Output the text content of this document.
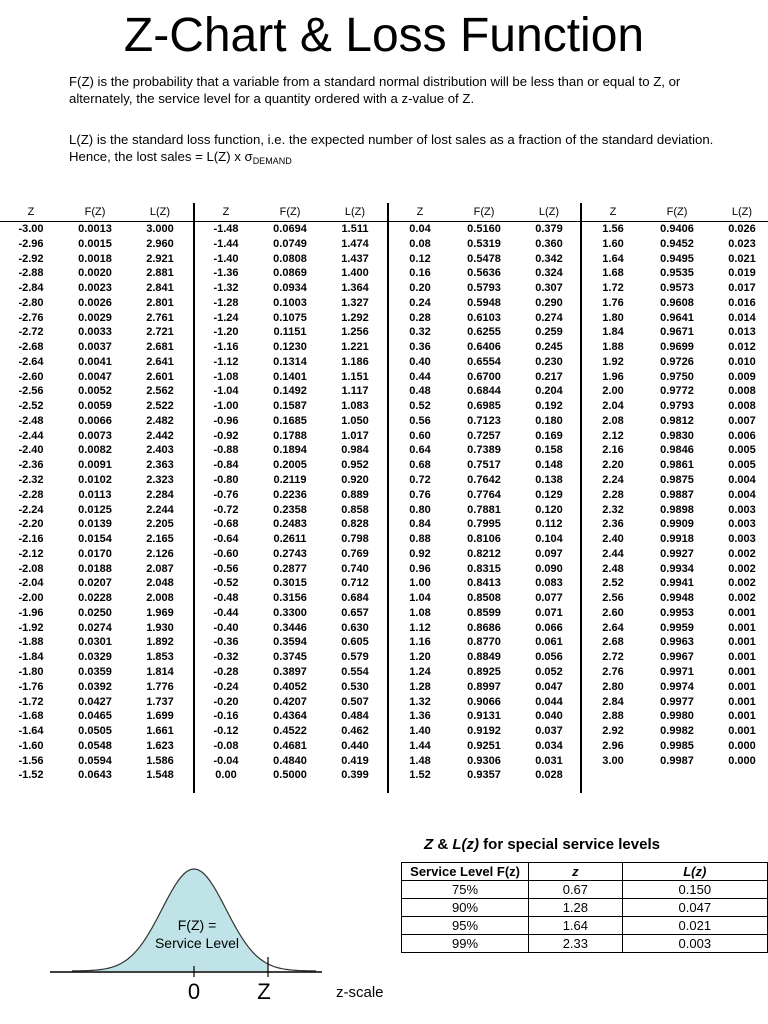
Z-Chart & Loss Function
F(Z) is the probability that a variable from a standard normal distribution will be less than or equal to Z, or alternately, the service level for a quantity ordered with a z-value of Z.
L(Z) is the standard loss function, i.e. the expected number of lost sales as a fraction of the standard deviation. Hence, the lost sales = L(Z) x $\sigma_{DEMAND}$
Z	F(Z)	L(Z)
-3.00	0.0013	3.000
-2.96	0.0015	2.960
-2.92	0.0018	2.921
-2.88	0.0020	2.881
-2.84	0.0023	2.841
-2.80	0.0026	2.801
-2.76	0.0029	2.761
-2.72	0.0033	2.721
-2.68	0.0037	2.681
-2.64	0.0041	2.641
-2.60	0.0047	2.601
-2.56	0.0052	2.562
-2.52	0.0059	2.522
-2.48	0.0066	2.482
-2.44	0.0073	2.442
-2.40	0.0082	2.403
-2.36	0.0091	2.363
-2.32	0.0102	2.323
-2.28	0.0113	2.284
-2.24	0.0125	2.244
-2.20	0.0139	2.205
-2.16	0.0154	2.165
-2.12	0.0170	2.126
-2.08	0.0188	2.087
-2.04	0.0207	2.048
-2.00	0.0228	2.008
-1.96	0.0250	1.969
-1.92	0.0274	1.930
-1.88	0.0301	1.892
-1.84	0.0329	1.853
-1.80	0.0359	1.814
-1.76	0.0392	1.776
-1.72	0.0427	1.737
-1.68	0.0465	1.699
-1.64	0.0505	1.661
-1.60	0.0548	1.623
-1.56	0.0594	1.586
-1.52	0.0643	1.548
Z	F(Z)	L(Z)
-1.48	0.0694	1.511
-1.44	0.0749	1.474
-1.40	0.0808	1.437
-1.36	0.0869	1.400
-1.32	0.0934	1.364
-1.28	0.1003	1.327
-1.24	0.1075	1.292
-1.20	0.1151	1.256
-1.16	0.1230	1.221
-1.12	0.1314	1.186
-1.08	0.1401	1.151
-1.04	0.1492	1.117
-1.00	0.1587	1.083
-0.96	0.1685	1.050
-0.92	0.1788	1.017
-0.88	0.1894	0.984
-0.84	0.2005	0.952
-0.80	0.2119	0.920
-0.76	0.2236	0.889
-0.72	0.2358	0.858
-0.68	0.2483	0.828
-0.64	0.2611	0.798
-0.60	0.2743	0.769
-0.56	0.2877	0.740
-0.52	0.3015	0.712
-0.48	0.3156	0.684
-0.44	0.3300	0.657
-0.40	0.3446	0.630
-0.36	0.3594	0.605
-0.32	0.3745	0.579
-0.28	0.3897	0.554
-0.24	0.4052	0.530
-0.20	0.4207	0.507
-0.16	0.4364	0.484
-0.12	0.4522	0.462
-0.08	0.4681	0.440
-0.04	0.4840	0.419
0.00	0.5000	0.399
Z	F(Z)	L(Z)
0.04	0.5160	0.379
0.08	0.5319	0.360
0.12	0.5478	0.342
0.16	0.5636	0.324
0.20	0.5793	0.307
0.24	0.5948	0.290
0.28	0.6103	0.274
0.32	0.6255	0.259
0.36	0.6406	0.245
0.40	0.6554	0.230
0.44	0.6700	0.217
0.48	0.6844	0.204
0.52	0.6985	0.192
0.56	0.7123	0.180
0.60	0.7257	0.169
0.64	0.7389	0.158
0.68	0.7517	0.148
0.72	0.7642	0.138
0.76	0.7764	0.129
0.80	0.7881	0.120
0.84	0.7995	0.112
0.88	0.8106	0.104
0.92	0.8212	0.097
0.96	0.8315	0.090
1.00	0.8413	0.083
1.04	0.8508	0.077
1.08	0.8599	0.071
1.12	0.8686	0.066
1.16	0.8770	0.061
1.20	0.8849	0.056
1.24	0.8925	0.052
1.28	0.8997	0.047
1.32	0.9066	0.044
1.36	0.9131	0.040
1.40	0.9192	0.037
1.44	0.9251	0.034
1.48	0.9306	0.031
1.52	0.9357	0.028
Z	F(Z)	L(Z)
1.56	0.9406	0.026
1.60	0.9452	0.023
1.64	0.9495	0.021
1.68	0.9535	0.019
1.72	0.9573	0.017
1.76	0.9608	0.016
1.80	0.9641	0.014
1.84	0.9671	0.013
1.88	0.9699	0.012
1.92	0.9726	0.010
1.96	0.9750	0.009
2.00	0.9772	0.008
2.04	0.9793	0.008
2.08	0.9812	0.007
2.12	0.9830	0.006
2.16	0.9846	0.005
2.20	0.9861	0.005
2.24	0.9875	0.004
2.28	0.9887	0.004
2.32	0.9898	0.003
2.36	0.9909	0.003
2.40	0.9918	0.003
2.44	0.9927	0.002
2.48	0.9934	0.002
2.52	0.9941	0.002
2.56	0.9948	0.002
2.60	0.9953	0.001
2.64	0.9959	0.001
2.68	0.9963	0.001
2.72	0.9967	0.001
2.76	0.9971	0.001
2.80	0.9974	0.001
2.84	0.9977	0.001
2.88	0.9980	0.001
2.92	0.9982	0.001
2.96	0.9985	0.000
3.00	0.9987	0.000
Z & L(z) for special service levels
Service Level F(z)	z	L(z)
75%	0.67	0.150
90%	1.28	0.047
95%	1.64	0.021
99%	2.33	0.003
F(Z) =
Service Level
0	Z	z-scale
